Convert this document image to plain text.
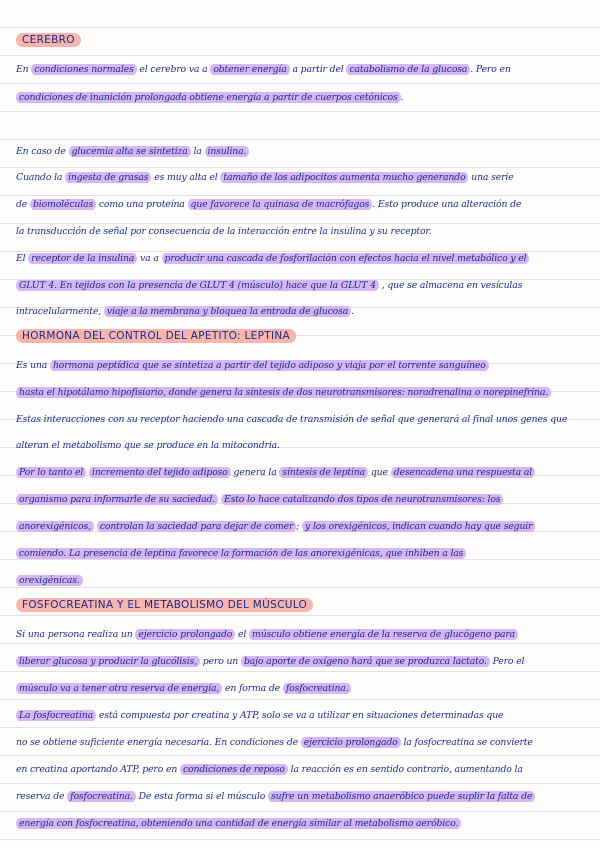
CEREBRO
HORMONA DEL CONTROL DEL APETITO: LEPTINA
FOSFOCREATINA Y EL METABOLISMO DEL MÚSCULO
En condiciones normales el cerebro va a obtener energía a partir del catabolismo de la glucosa . Pero en
condiciones de inanición prolongada obtiene energía a partir de cuerpos cetónicos .
En caso de glucemia alta se sintetiza la insulina.
Cuando la ingesta de grasas es muy alta el tamaño de los adipocitos aumenta mucho generando una serie
de biomoléculas como una proteína que favorece la quinasa de macrófagos . Esto produce una alteración de
la transducción de señal por consecuencia de la interacción entre la insulina y su receptor.
El receptor de la insulina va a producir una cascada de fosforilación con efectos hacia el nivel metabólico y el
GLUT 4. En tejidos con la presencia de GLUT 4 (músculo) hace que la GLUT 4 , que se almacena en vesículas
intracelularmente, viaje a la membrana y bloquea la entrada de glucosa .
Es una hormona peptídica que se sintetiza a partir del tejido adiposo y viaja por el torrente sanguíneo
hasta el hipotálamo hipofisiario, donde genera la síntesis de dos neurotransmisores: noradrenalina o norepinefrina.
Estas interacciones con su receptor haciendo una cascada de transmisión de señal que generará al final unos genes que
alteran el metabolismo que se produce en la mitocondria.
Por lo tanto el incremento del tejido adiposo genera la síntesis de leptina que desencadena una respuesta al
organismo para informarle de su saciedad. Esto lo hace catalizando dos tipos de neurotransmisores: los
anorexigénicos, controlan la saciedad para dejar de comer ; y los orexigénicos, indican cuando hay que seguir
comiendo. La presencia de leptina favorece la formación de las anorexigénicas, que inhiben a las
orexigénicas.
Si una persona realiza un ejercicio prolongado el músculo obtiene energía de la reserva de glucógeno para
liberar glucosa y producir la glucólisis, pero un bajo aporte de oxígeno hará que se produzca lactato. Pero el
músculo va a tener otra reserva de energía, en forma de fosfocreatina.
La fosfocreatina está compuesta por creatina y ATP, solo se va a utilizar en situaciones determinadas que
no se obtiene suficiente energía necesaria. En condiciones de ejercicio prolongado la fosfocreatina se convierte
en creatina aportando ATP, pero en condiciones de reposo la reacción es en sentido contrario, aumentando la
reserva de fosfocreatina. De esta forma si el músculo sufre un metabolismo anaeróbico puede suplir la falta de
energía con fosfocreatina, obteniendo una cantidad de energía similar al metabolismo aeróbico.
